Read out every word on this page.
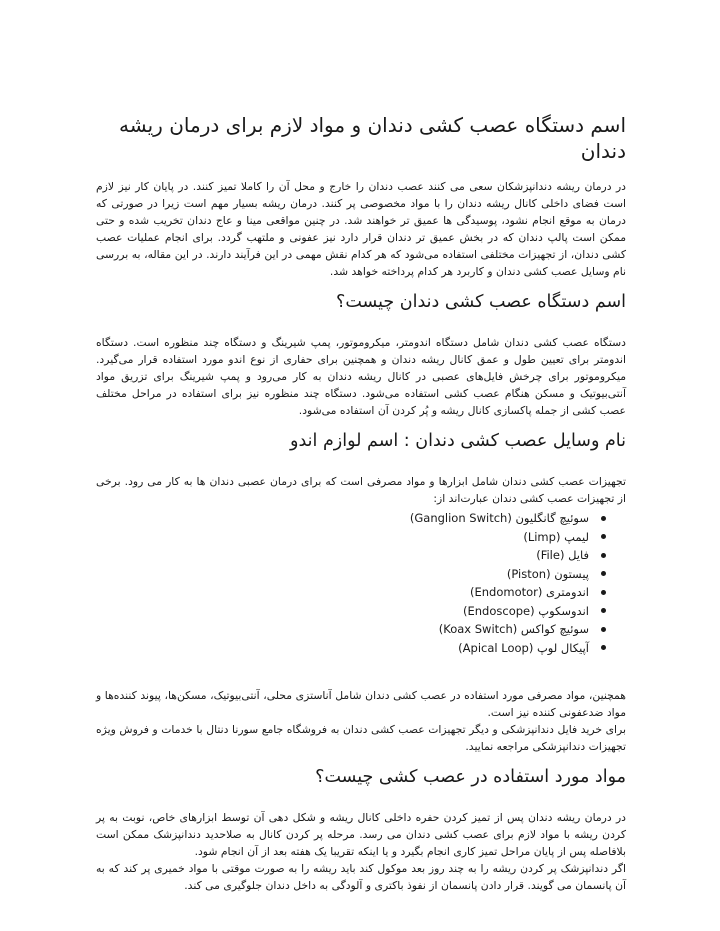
اسم دستگاه عصب کشی دندان و مواد لازم برای درمان ریشه دندان

در درمان ریشه دندانپزشکان سعی می کنند عصب دندان را خارج و محل آن را کاملا تمیز کنند. در پایان کار نیز لازم است فضای داخلی کانال ریشه دندان را با مواد مخصوصی پر کنند. درمان ریشه بسیار مهم است زیرا در صورتی که درمان به موقع انجام نشود، پوسیدگی ها عمیق تر خواهند شد. در چنین مواقعی مینا و عاج دندان تخریب شده و حتی ممکن است پالپ دندان که در بخش عمیق تر دندان قرار دارد نیز عفونی و ملتهب گردد. برای انجام عملیات عصب کشی دندان، از تجهیزات مختلفی استفاده می‌شود که هر کدام نقش مهمی در این فرآیند دارند. در این مقاله، به بررسی نام وسایل عصب کشی دندان و کاربرد هر کدام پرداخته خواهد شد.

اسم دستگاه عصب کشی دندان چیست؟

دستگاه عصب کشی دندان شامل دستگاه اندومتر، میکروموتور، پمپ شیرینگ و دستگاه چند منظوره است. دستگاه اندومتر برای تعیین طول و عمق کانال ریشه دندان و همچنین برای حفاری از نوع اندو مورد استفاده قرار می‌گیرد. میکروموتور برای چرخش فایل‌های عصبی در کانال ریشه دندان به کار می‌رود و پمپ شیرینگ برای تزریق مواد آنتی‌بیوتیک و مسکن هنگام عصب کشی استفاده می‌شود. دستگاه چند منظوره نیز برای استفاده در مراحل مختلف عصب کشی از جمله پاکسازی کانال ریشه و پُر کردن آن استفاده می‌شود.

نام وسایل عصب کشی دندان : اسم لوازم اندو

تجهیزات عصب کشی دندان شامل ابزارها و مواد مصرفی است که برای درمان عصبی دندان ها به کار می رود. برخی از تجهیزات عصب کشی دندان عبارت‌اند از:

سوئیچ گانگلیون (Ganglion Switch)
لیمپ (Limp)
فایل (File)
پیستون (Piston)
اندومتری (Endomotor)
اندوسکوپ (Endoscope)
سوئیچ کواکس (Koax Switch)
آپیکال لوپ (Apical Loop)

همچنین، مواد مصرفی مورد استفاده در عصب کشی دندان شامل آناستزی محلی، آنتی‌بیوتیک، مسکن‌ها، پیوند کننده‌ها و مواد ضدعفونی کننده نیز است.

برای خرید فایل دندانپزشکی و دیگر تجهیزات عصب کشی دندان به فروشگاه جامع سورنا دنتال با خدمات و فروش ویژه تجهیزات دندانپزشکی مراجعه نمایید.

مواد مورد استفاده در عصب کشی چیست؟

در درمان ریشه دندان پس از تمیز کردن حفره داخلی کانال ریشه و شکل دهی آن توسط ابزارهای خاص، نوبت به پر کردن ریشه با مواد لازم برای عصب کشی دندان می رسد. مرحله پر کردن کانال به صلاحدید دندانپزشک ممکن است بلافاصله پس از پایان مراحل تمیز کاری انجام بگیرد و یا اینکه تقریبا یک هفته بعد از آن انجام شود.

اگر دندانپزشک پر کردن ریشه را به چند روز بعد موکول کند باید ریشه را به صورت موقتی با مواد خمیری پر کند که به آن پانسمان می گویند. قرار دادن پانسمان از نفوذ باکتری و آلودگی به داخل دندان جلوگیری می کند.
